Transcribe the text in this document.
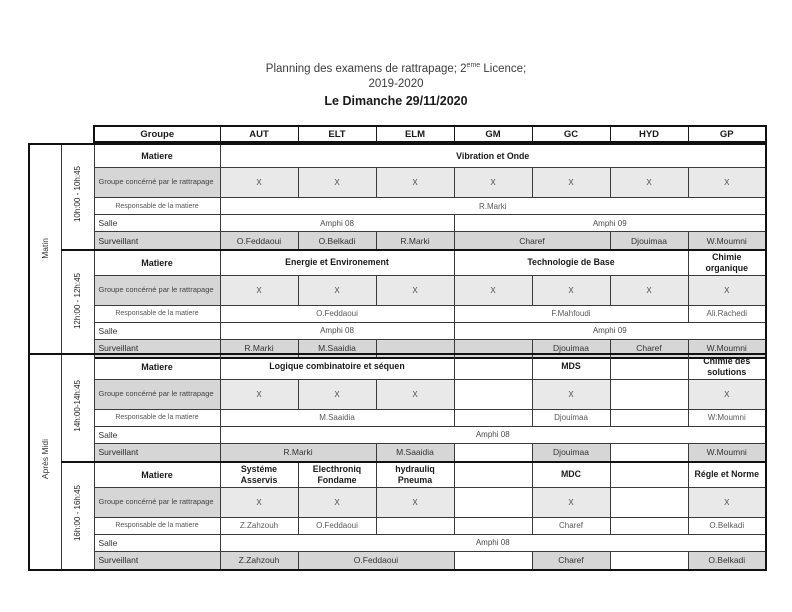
Planning des examens de rattrapage; 2eme Licence;
2019-2020
Le Dimanche 29/11/2020
Groupe	AUT	ELT	ELM	GM	GC	HYD	GP
Matin	10h:00 - 10h:45	Matiere	Vibration et Onde						
		Groupe concérné par le rattrapage	X	X	X	X	X	X	X
		Responsable de la matiere	R.Marki						
		Salle	Amphi 08			Amphi 09			
		Surveillant	O.Feddaoui	O.Belkadi	R.Marki	Charef		Djouimaa	W.Moumni
	12h:00 - 12h:45	Matiere	Energie et Environement			Technologie de Base			Chimie organique
		Groupe concérné par le rattrapage	X	X	X	X	X	X	X
		Responsable de la matiere	O.Feddaoui			F.Mahfoudi			Ali.Rachedi
		Salle	Amphi 08			Amphi 09			
		Surveillant	R.Marki	M.Saaidia			Djouimaa	Charef	W.Moumni
Après Midi	14h:00-14h:45	Matiere	Logique combinatoire et séquen				MDS		Chimie des solutions
		Groupe concérné par le rattrapage	X	X	X		X		X
		Responsable de la matiere	M.Saaidia				Djouimaa		W:Moumni
		Salle	Amphi 08						
		Surveillant	R.Marki		M.Saaidia		Djouimaa		W.Moumni
	16h:00 - 16h:45	Matiere	Systéme Asservis	Electhroniq Fondame	hydrauliq Pneuma		MDC		Régle et Norme
		Groupe concérné par le rattrapage	X	X	X		X		X
		Responsable de la matiere	Z.Zahzouh	O.Feddaoui			Charef		O.Belkadi
		Salle	Amphi 08						
		Surveillant	Z.Zahzouh	O.Feddaoui			Charef		O.Belkadi
